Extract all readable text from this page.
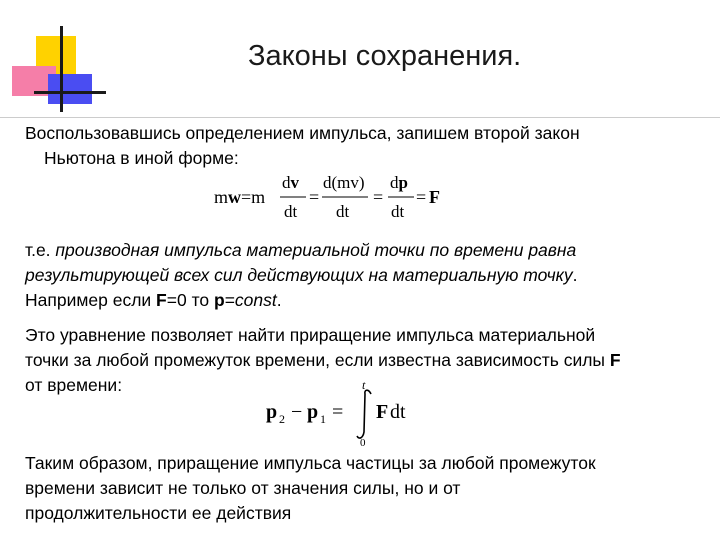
Законы сохранения.
Воспользовавшись определением импульса, запишем второй закон
Ньютона в иной форме:
mw=m
dv
dt
=
d(mv)
dt
=
dp
dt
= F
т.е. производная импульса материальной точки по времени равна
результирующей всех сил действующих на материальную точку.
Например если F=0 то p=const.
Это уравнение позволяет найти приращение импульса материальной
точки за любой промежуток времени, если известна зависимость силы F
от времени:
p 2 − p 1 =
t
0
F dt
Таким образом, приращение импульса частицы за любой промежуток
времени зависит не только от значения силы, но и от
продолжительности ее действия
